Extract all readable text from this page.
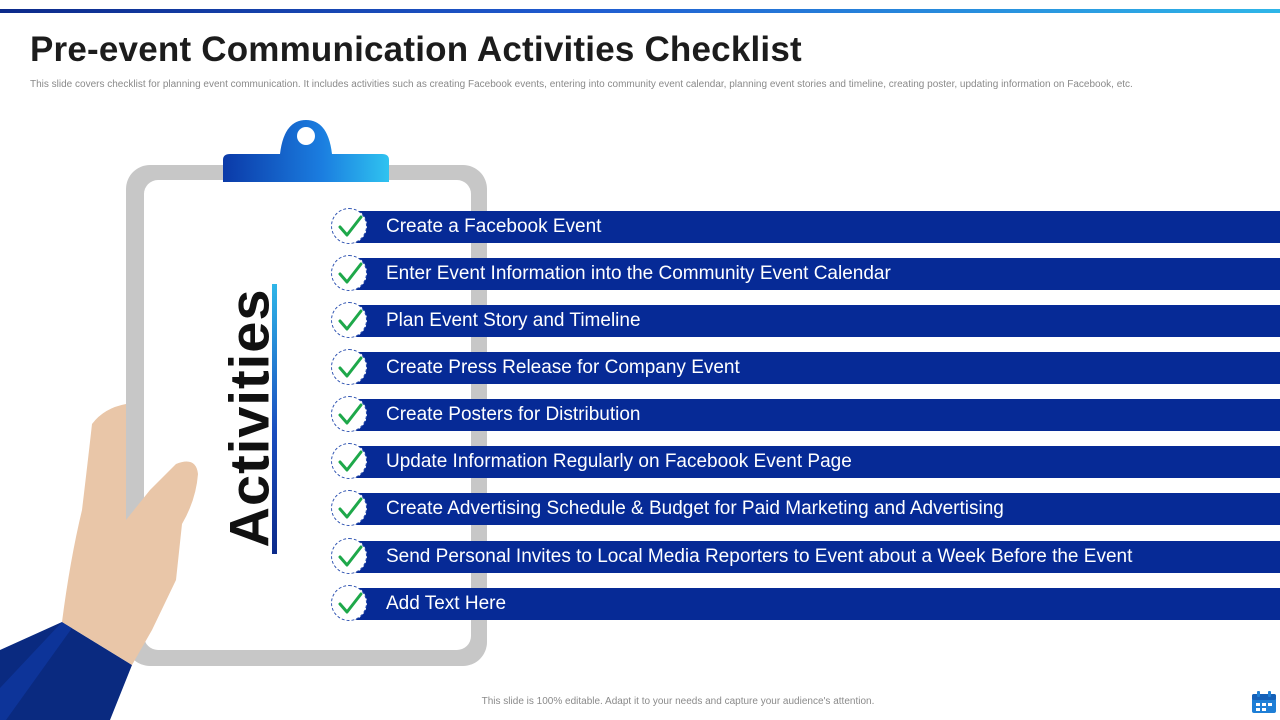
Pre-event Communication Activities Checklist
This slide covers checklist for planning event communication. It includes activities such as creating Facebook events, entering into community event calendar, planning event stories and timeline, creating poster, updating information on Facebook, etc.
Activities
Create a Facebook Event
Enter Event Information into the Community Event Calendar
Plan Event Story and Timeline
Create Press Release for Company Event
Create Posters for Distribution
Update Information Regularly on Facebook Event Page
Create Advertising Schedule & Budget for Paid Marketing and Advertising
Send Personal Invites to Local Media Reporters to Event about a Week Before the Event
Add Text Here
This slide is 100% editable. Adapt it to your needs and capture your audience's attention.
